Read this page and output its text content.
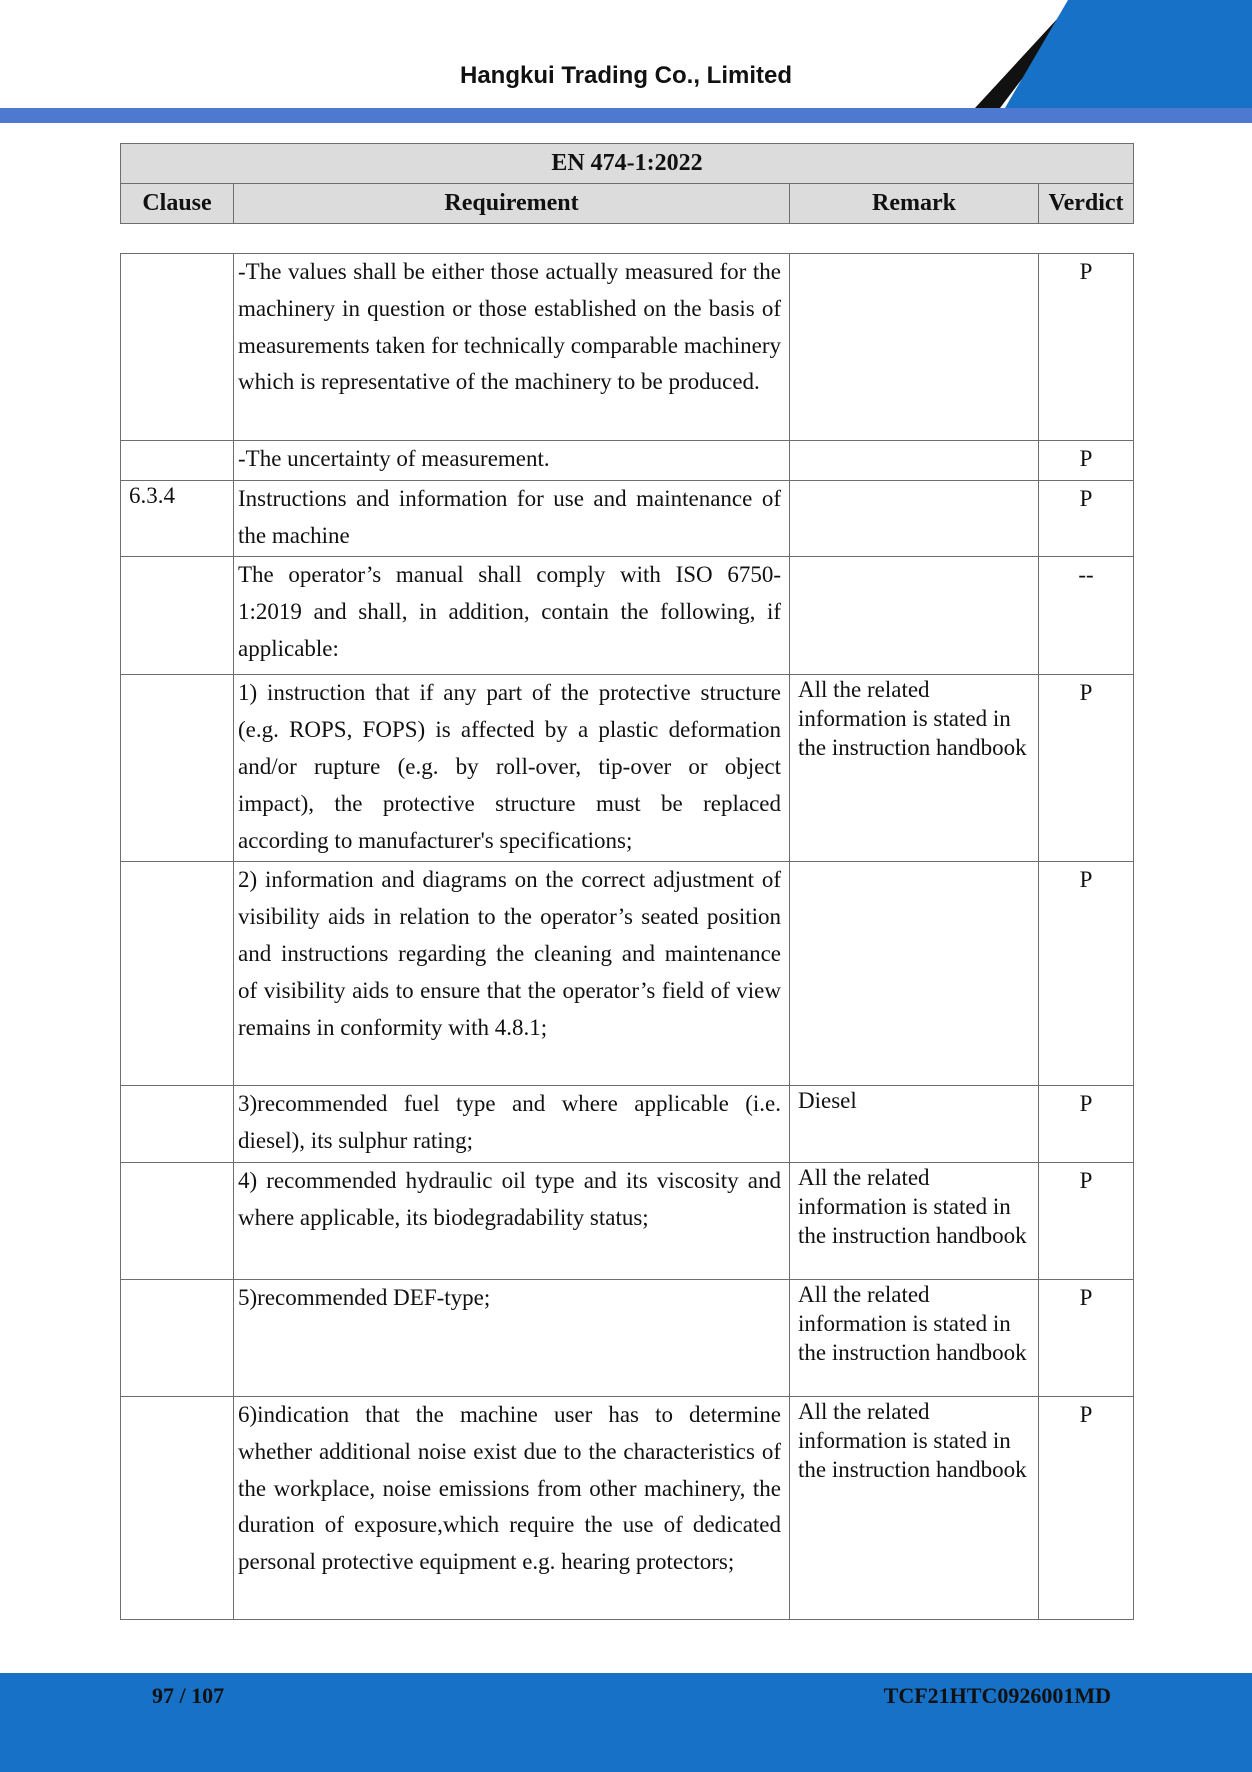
Hangkui Trading Co., Limited
EN 474-1:2022
Clause	Requirement	Remark	Verdict

	-The values shall be either those actually measured for the machinery in question or those established on the basis of measurements taken for technically comparable machinery which is representative of the machinery to be produced.		P

	-The uncertainty of measurement.		P
6.3.4	Instructions and information for use and maintenance of the machine		P

	The operator’s manual shall comply with ISO 6750-1:2019 and shall, in addition, contain the following, if applicable:		--

	1) instruction that if any part of the protective structure (e.g. ROPS, FOPS) is affected by a plastic deformation and/or rupture (e.g. by roll-over, tip-over or object impact), the protective structure must be replaced according to manufacturer's specifications;	All the related information is stated in the instruction handbook	P

	2) information and diagrams on the correct adjustment of visibility aids in relation to the operator’s seated position and instructions regarding the cleaning and maintenance of visibility aids to ensure that the operator’s field of view remains in conformity with 4.8.1;		P

	3)recommended fuel type and where applicable (i.e. diesel), its sulphur rating;	Diesel	P

	4) recommended hydraulic oil type and its viscosity and where applicable, its biodegradability status;	All the related information is stated in the instruction handbook	P

	5)recommended DEF-type;	All the related information is stated in the instruction handbook	P

	6)indication that the machine user has to determine whether additional noise exist due to the characteristics of the workplace, noise emissions from other machinery, the duration of exposure,which require the use of dedicated personal protective equipment e.g. hearing protectors;	All the related information is stated in the instruction handbook	P
97 / 107	TCF21HTC0926001MD
